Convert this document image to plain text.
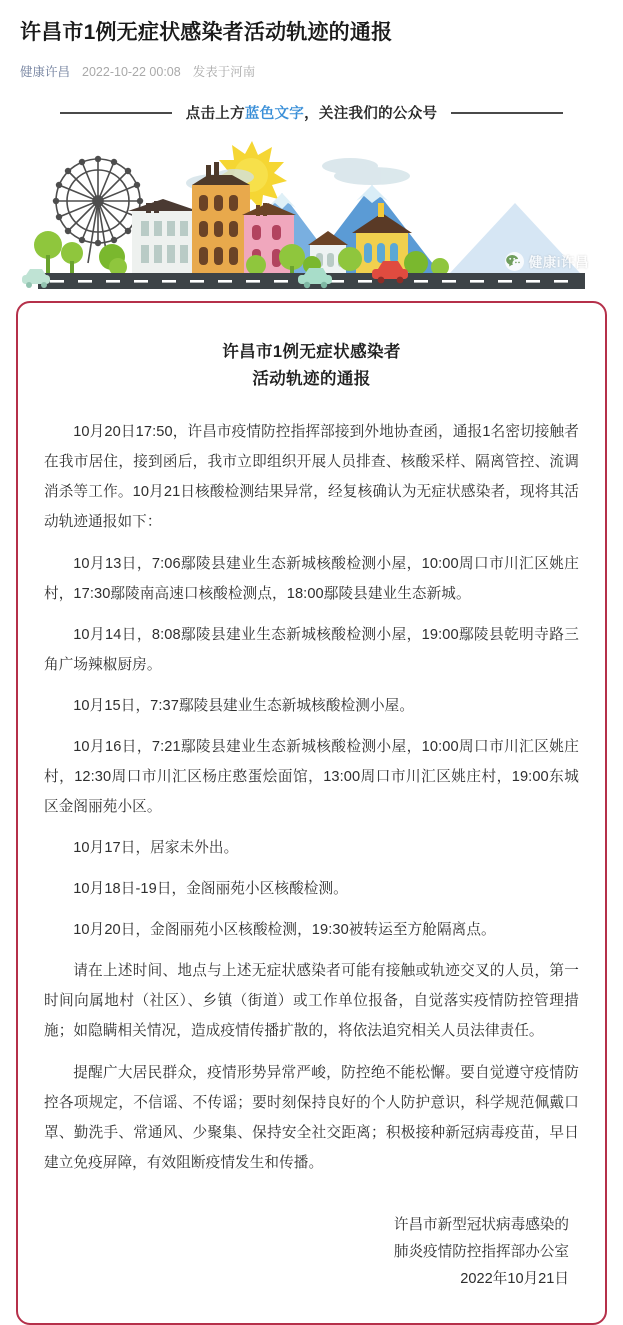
许昌市1例无症状感染者活动轨迹的通报
健康许昌 2022-10-22 00:08 发表于河南
点击上方蓝色文字，关注我们的公众号
健康i许昌
许昌市1例无症状感染者
活动轨迹的通报

10月20日17:50，许昌市疫情防控指挥部接到外地协查函，通报1名密切接触者在我市居住，接到函后，我市立即组织开展人员排查、核酸采样、隔离管控、流调消杀等工作。10月21日核酸检测结果异常，经复核确认为无症状感染者，现将其活动轨迹通报如下：

10月13日，7:06鄢陵县建业生态新城核酸检测小屋，10:00周口市川汇区姚庄村，17:30鄢陵南高速口核酸检测点，18:00鄢陵县建业生态新城。

10月14日，8:08鄢陵县建业生态新城核酸检测小屋，19:00鄢陵县乾明寺路三角广场辣椒厨房。

10月15日，7:37鄢陵县建业生态新城核酸检测小屋。

10月16日，7:21鄢陵县建业生态新城核酸检测小屋，10:00周口市川汇区姚庄村，12:30周口市川汇区杨庄憨蛋烩面馆，13:00周口市川汇区姚庄村，19:00东城区金阁丽苑小区。

10月17日，居家未外出。

10月18日-19日，金阁丽苑小区核酸检测。

10月20日，金阁丽苑小区核酸检测，19:30被转运至方舱隔离点。

请在上述时间、地点与上述无症状感染者可能有接触或轨迹交叉的人员，第一时间向属地村（社区）、乡镇（街道）或工作单位报备，自觉落实疫情防控管理措施；如隐瞒相关情况，造成疫情传播扩散的，将依法追究相关人员法律责任。

提醒广大居民群众，疫情形势异常严峻，防控绝不能松懈。要自觉遵守疫情防控各项规定，不信谣、不传谣；要时刻保持良好的个人防护意识，科学规范佩戴口罩、勤洗手、常通风、少聚集、保持安全社交距离；积极接种新冠病毒疫苗，早日建立免疫屏障，有效阻断疫情发生和传播。

许昌市新型冠状病毒感染的
肺炎疫情防控指挥部办公室
2022年10月21日
